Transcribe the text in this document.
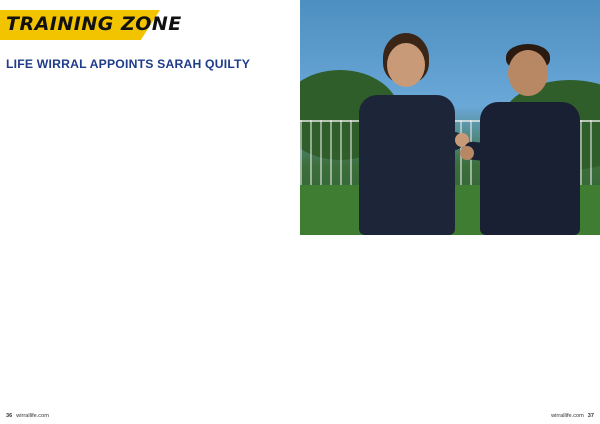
TRAINING ZONE
LIFE WIRRAL APPOINTS SARAH QUILTY
36 wirrallife.com	wirrallife.com 37
